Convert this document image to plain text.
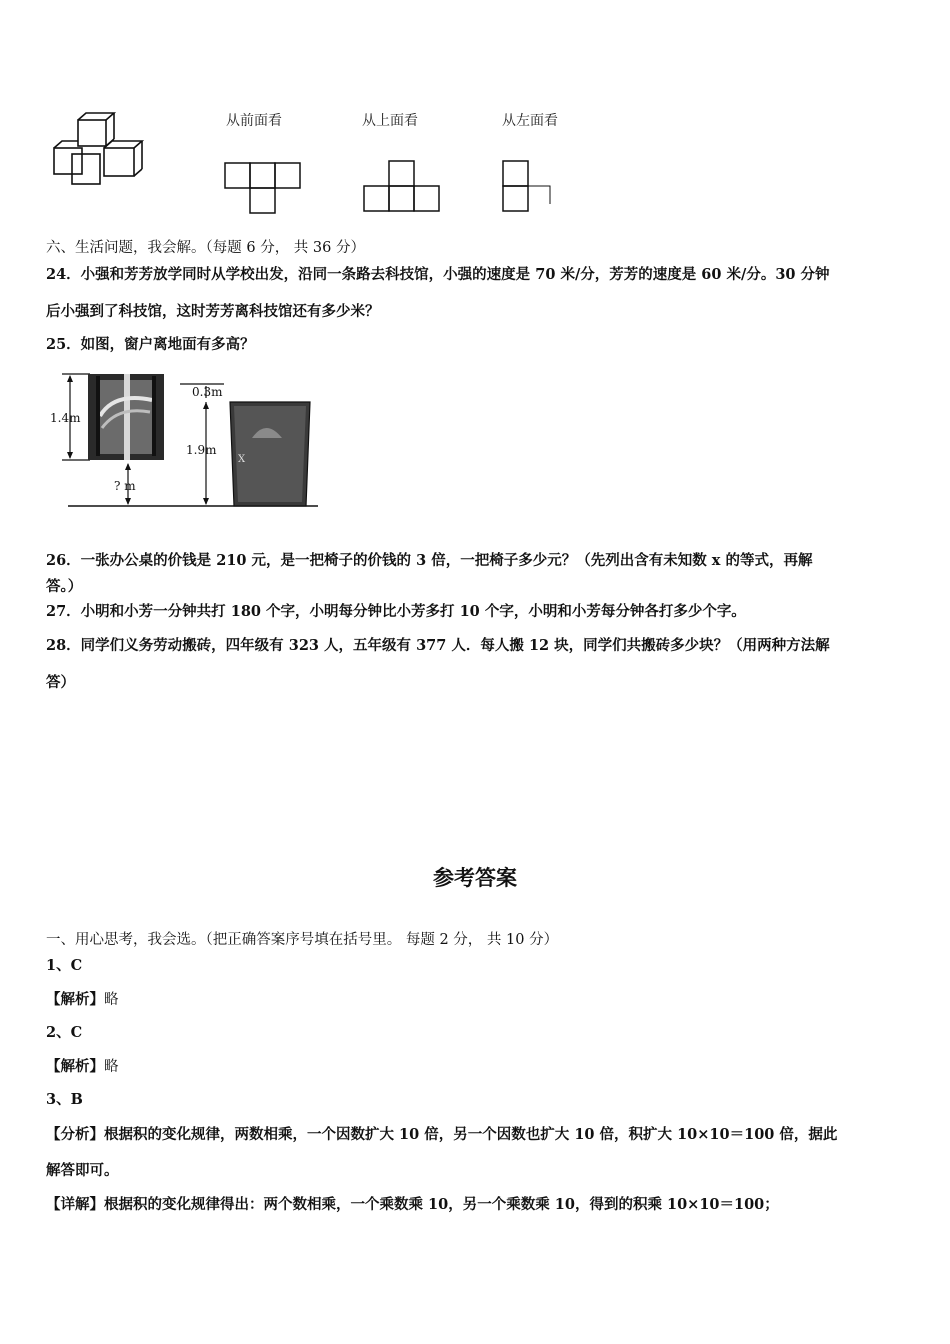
从前面看	从上面看	从左面看
六、生活问题，我会解。（每题 6 分， 共 36 分）
24．小强和芳芳放学同时从学校出发，沿同一条路去科技馆，小强的速度是 70 米/分，芳芳的速度是 60 米/分。30 分钟
后小强到了科技馆，这时芳芳离科技馆还有多少米？
25．如图，窗户离地面有多高？
1.4m
? m
0.3m
1.9m
X
26．一张办公桌的价钱是 210 元，是一把椅子的价钱的 3 倍，一把椅子多少元？（先列出含有未知数 x 的等式，再解
答。）
27．小明和小芳一分钟共打 180 个字，小明每分钟比小芳多打 10 个字，小明和小芳每分钟各打多少个字。
28．同学们义务劳动搬砖，四年级有 323 人，五年级有 377 人．每人搬 12 块，同学们共搬砖多少块？（用两种方法解
答）
参考答案
一、用心思考，我会选。（把正确答案序号填在括号里。 每题 2 分， 共 10 分）
1、C
【解析】略
2、C
【解析】略
3、B
【分析】根据积的变化规律，两数相乘，一个因数扩大 10 倍，另一个因数也扩大 10 倍，积扩大 10×10＝100 倍，据此
解答即可。
【详解】根据积的变化规律得出：两个数相乘，一个乘数乘 10，另一个乘数乘 10，得到的积乘 10×10＝100；
